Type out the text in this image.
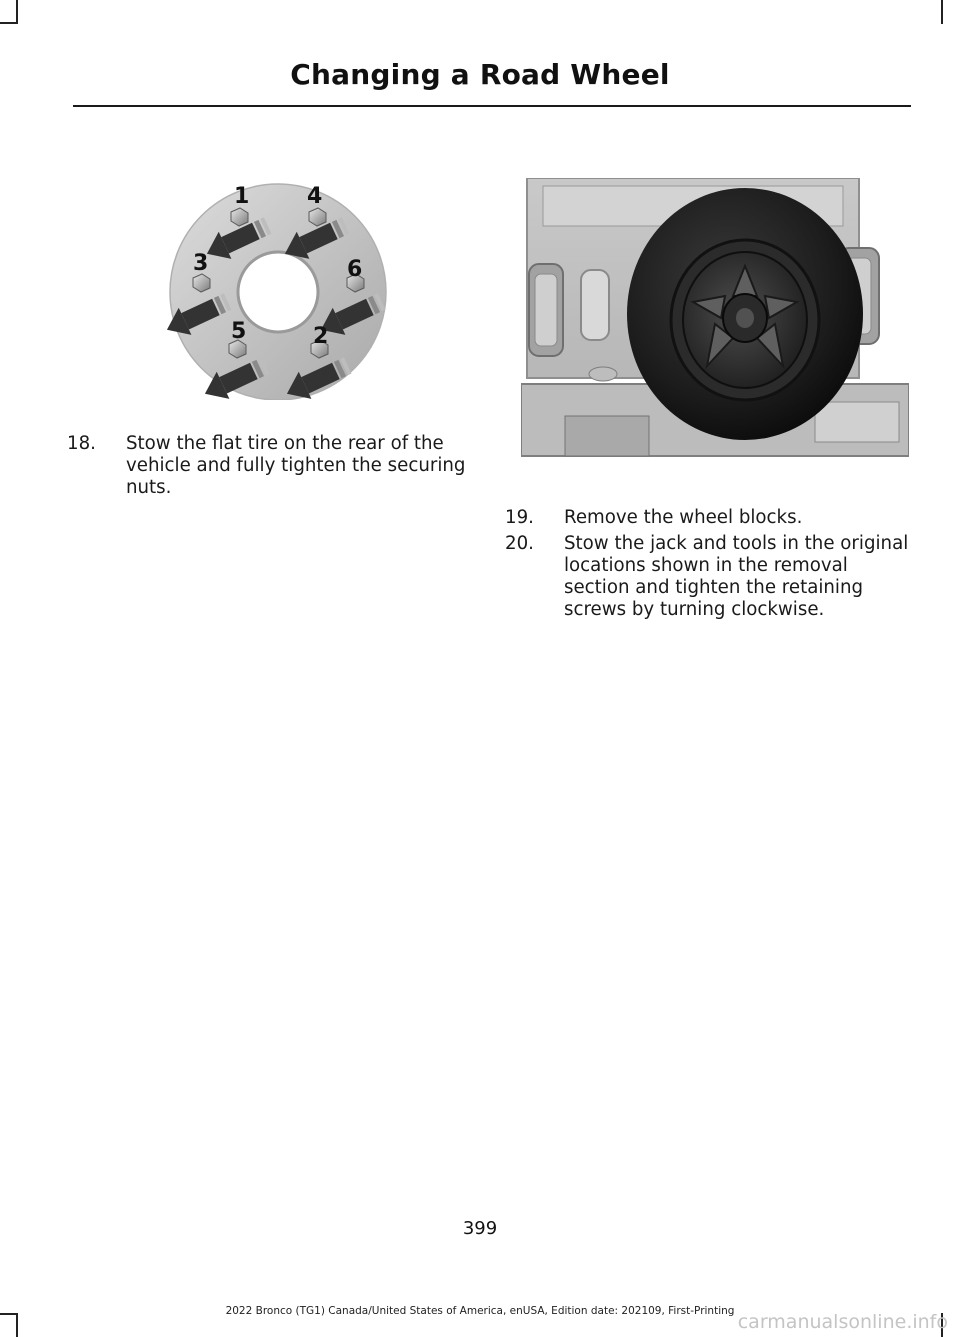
Changing a Road Wheel
1	4
3	6
5	2
18. Stow the flat tire on the rear of the
vehicle and fully tighten the securing
nuts.
19. Remove the wheel blocks.
20. Stow the jack and tools in the original
locations shown in the removal
section and tighten the retaining
screws by turning clockwise.
399
2022 Bronco (TG1) Canada/United States of America, enUSA, Edition date: 202109, First-Printing carmanualsonline.info
